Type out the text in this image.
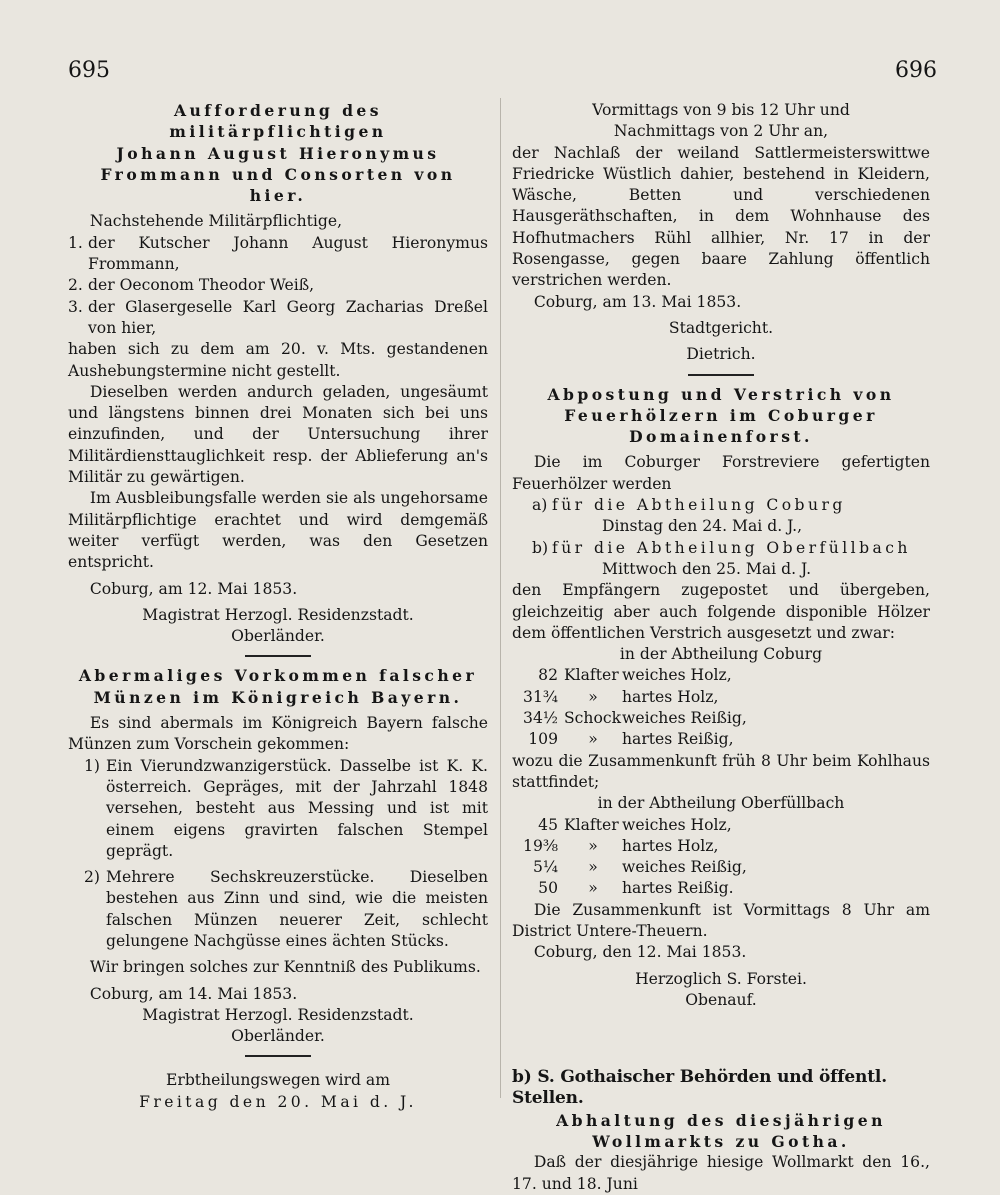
695	696

Aufforderung des militärpflichtigen

Johann August Hieronymus Frommann und Consorten von hier.

Nachstehende Militärpflichtige,

1. der Kutscher Johann August Hieronymus Frommann,

2. der Oeconom Theodor Weiß,

3. der Glasergeselle Karl Georg Zacharias Dreßel von hier,

haben sich zu dem am 20. v. Mts. gestandenen Aushebungstermine nicht gestellt.

Dieselben werden andurch geladen, ungesäumt und längstens binnen drei Monaten sich bei uns einzufinden, und der Untersuchung ihrer Militärdiensttauglichkeit resp. der Ablieferung an's Militär zu gewärtigen.

Im Ausbleibungsfalle werden sie als ungehorsame Militärpflichtige erachtet und wird demgemäß weiter verfügt werden, was den Gesetzen entspricht.

Coburg, am 12. Mai 1853.

Magistrat Herzogl. Residenzstadt.

Oberländer.

Abermaliges Vorkommen falscher Münzen im Königreich Bayern.

Es sind abermals im Königreich Bayern falsche Münzen zum Vorschein gekommen:

1) Ein Vierundzwanzigerstück. Dasselbe ist K. K. österreich. Gepräges, mit der Jahrzahl 1848 versehen, besteht aus Messing und ist mit einem eigens gravirten falschen Stempel geprägt.

2) Mehrere Sechskreuzerstücke. Dieselben bestehen aus Zinn und sind, wie die meisten falschen Münzen neuerer Zeit, schlecht gelungene Nachgüsse eines ächten Stücks.

Wir bringen solches zur Kenntniß des Publikums.

Coburg, am 14. Mai 1853.

Magistrat Herzogl. Residenzstadt.

Oberländer.

Erbtheilungswegen wird am

Freitag den 20. Mai d. J.

Vormittags von 9 bis 12 Uhr und

Nachmittags von 2 Uhr an,

der Nachlaß der weiland Sattlermeisterswittwe Friedricke Wüstlich dahier, bestehend in Kleidern, Wäsche, Betten und verschiedenen Hausgeräthschaften, in dem Wohnhause des Hofhutmachers Rühl allhier, Nr. 17 in der Rosengasse, gegen baare Zahlung öffentlich verstrichen werden.

Coburg, am 13. Mai 1853.

Stadtgericht.

Dietrich.

Abpostung und Verstrich von Feuerhölzern im Coburger Domainenforst.

Die im Coburger Forstreviere gefertigten Feuerhölzer werden

a) für die Abtheilung Coburg

Dinstag den 24. Mai d. J.,

b) für die Abtheilung Oberfüllbach

Mittwoch den 25. Mai d. J.

den Empfängern zugepostet und übergeben, gleichzeitig aber auch folgende disponible Hölzer dem öffentlichen Verstrich ausgesetzt und zwar:

in der Abtheilung Coburg

82 Klafter weiches Holz,
31¾	»	hartes Holz,
34½ Schock weiches Reißig,
109	»	hartes Reißig,

wozu die Zusammenkunft früh 8 Uhr beim Kohlhaus stattfindet;

in der Abtheilung Oberfüllbach

45 Klafter weiches Holz,
19⅜	»	hartes Holz,
5¼	»	weiches Reißig,
50	»	hartes Reißig.

Die Zusammenkunft ist Vormittags 8 Uhr am District Untere-Theuern.

Coburg, den 12. Mai 1853.

Herzoglich S. Forstei.

Obenauf.

b) S. Gothaischer Behörden und öffentl. Stellen.

Abhaltung des diesjährigen Wollmarkts zu Gotha.

Daß der diesjährige hiesige Wollmarkt den 16., 17. und 18. Juni
